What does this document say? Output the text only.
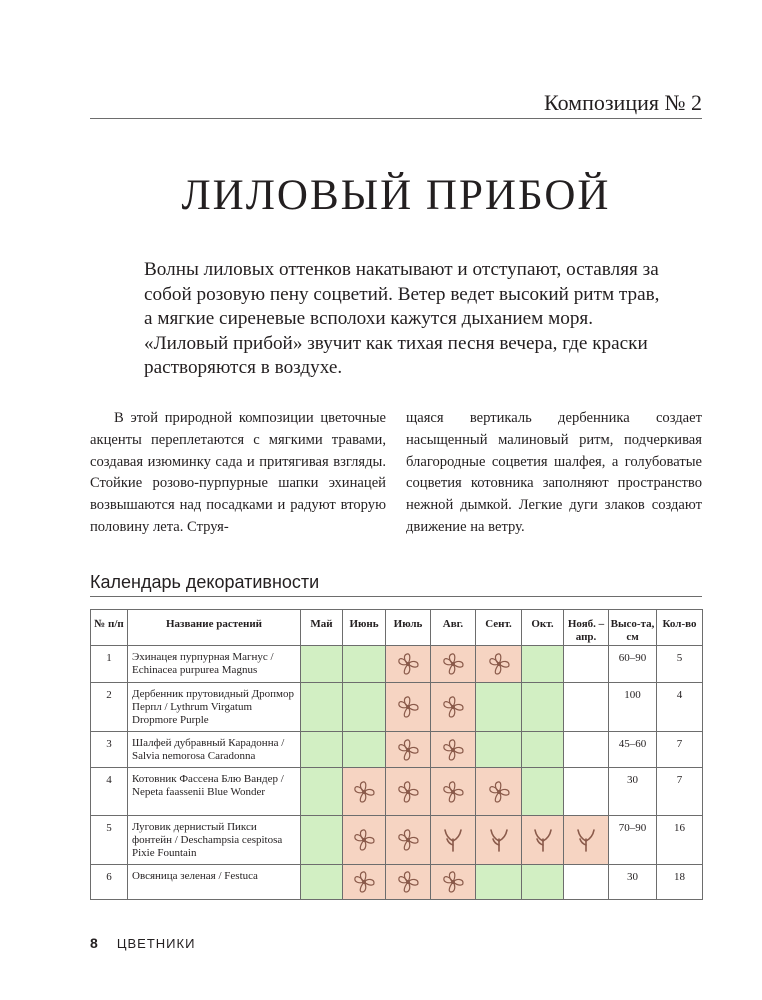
Композиция № 2
ЛИЛОВЫЙ ПРИБОЙ

Волны лиловых оттенков накатывают и отступают, оставляя за собой розовую пену соцветий. Ветер ведет высокий ритм трав, а мягкие сиреневые всполохи кажутся дыханием моря. «Лиловый прибой» звучит как тихая песня вечера, где краски растворяются в воздухе.

В этой природной композиции цветочные акценты переплетаются с мягкими травами, создавая изюминку сада и притягивая взгляды. Стойкие розово-пурпурные шапки эхинацей возвышаются над посадками и радуют вторую половину лета. Струя-

щаяся вертикаль дербенника создает насыщенный малиновый ритм, подчеркивая благородные соцветия шалфея, а голубоватые соцветия котовника заполняют пространство нежной дымкой. Легкие дуги злаков создают движение на ветру.

Календарь декоративности
№ п/п	Название растений	Май	Июнь	Июль	Авг.	Сент.	Окт.	Нояб. – апр.	Высо-та, см	Кол-во
1	Эхинацея пурпурная Магнус / Echinacea purpurea Magnus								60–90	5
2	Дербенник прутовидный Дропмор Перпл / Lythrum Virgatum Dropmore Purple								100	4
3	Шалфей дубравный Карадонна / Salvia nemorosa Caradonna								45–60	7
4	Котовник Фассена Блю Вандер / Nepeta faassenii Blue Wonder								30	7
5	Луговик дернистый Пикси фонтейн / Deschampsia cespitosa Pixie Fountain								70–90	16
6	Овсяница зеленая / Festuca								30	18
8 ЦВЕТНИКИ
